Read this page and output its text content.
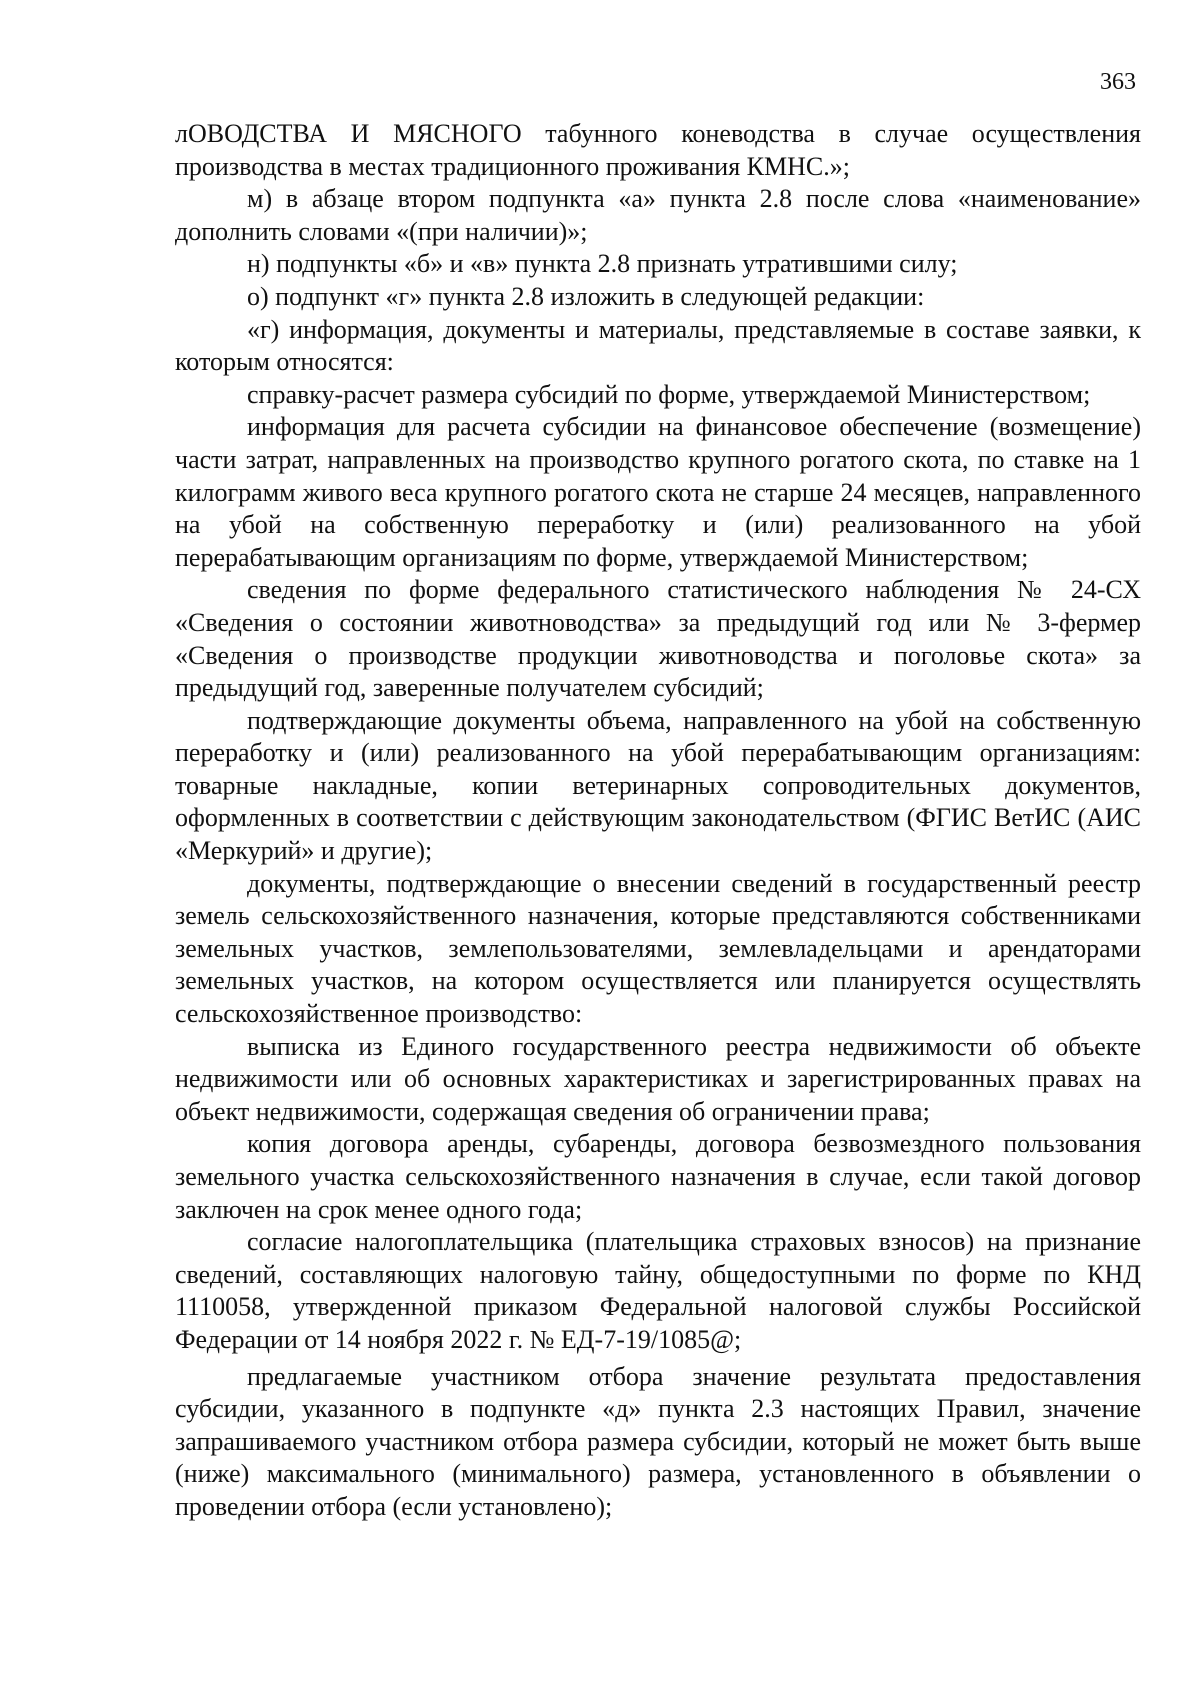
363

лОВОДСТВА И МЯСНОГО табунного коневодства в случае осуществления производства в местах традиционного проживания КМНС.»;

м) в абзаце втором подпункта «а» пункта 2.8 после слова «наименование» дополнить словами «(при наличии)»;

н) подпункты «б» и «в» пункта 2.8 признать утратившими силу;

о) подпункт «г» пункта 2.8 изложить в следующей редакции:

«г) информация, документы и материалы, представляемые в составе заявки, к которым относятся:

справку-расчет размера субсидий по форме, утверждаемой Министерством;

информация для расчета субсидии на финансовое обеспечение (возмещение) части затрат, направленных на производство крупного рогатого скота, по ставке на 1 килограмм живого веса крупного рогатого скота не старше 24 месяцев, направленного на убой на собственную переработку и (или) реализованного на убой перерабатывающим организациям по форме, утверждаемой Министерством;

сведения по форме федерального статистического наблюдения № 24-СХ «Сведения о состоянии животноводства» за предыдущий год или № 3-фермер «Сведения о производстве продукции животноводства и поголовье скота» за предыдущий год, заверенные получателем субсидий;

подтверждающие документы объема, направленного на убой на собственную переработку и (или) реализованного на убой перерабатывающим организациям: товарные накладные, копии ветеринарных сопроводительных документов, оформленных в соответствии с действующим законодательством (ФГИС ВетИС (АИС «Меркурий» и другие);

документы, подтверждающие о внесении сведений в государственный реестр земель сельскохозяйственного назначения, которые представляются собственниками земельных участков, землепользователями, землевладельцами и арендаторами земельных участков, на котором осуществляется или планируется осуществлять сельскохозяйственное производство:

выписка из Единого государственного реестра недвижимости об объекте недвижимости или об основных характеристиках и зарегистрированных правах на объект недвижимости, содержащая сведения об ограничении права;

копия договора аренды, субаренды, договора безвозмездного пользования земельного участка сельскохозяйственного назначения в случае, если такой договор заключен на срок менее одного года;

согласие налогоплательщика (плательщика страховых взносов) на признание сведений, составляющих налоговую тайну, общедоступными по форме по КНД 1110058, утвержденной приказом Федеральной налоговой службы Российской Федерации от 14 ноября 2022 г. № ЕД-7-19/1085@;

предлагаемые участником отбора значение результата предоставления субсидии, указанного в подпункте «д» пункта 2.3 настоящих Правил, значение запрашиваемого участником отбора размера субсидии, который не может быть выше (ниже) максимального (минимального) размера, установленного в объявлении о проведении отбора (если установлено);
